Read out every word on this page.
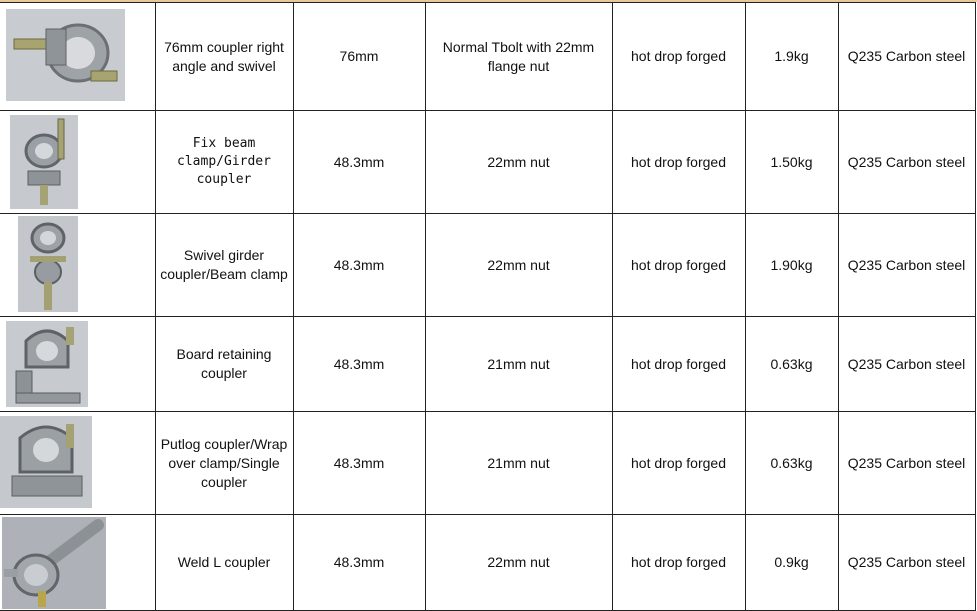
	76mm coupler right angle and swivel	76mm	Normal Tbolt with 22mm flange nut	hot drop forged	1.9kg	Q235 Carbon steel

	Fix beam clamp/Girder coupler	48.3mm	22mm nut	hot drop forged	1.50kg	Q235 Carbon steel

	Swivel girder coupler/Beam clamp	48.3mm	22mm nut	hot drop forged	1.90kg	Q235 Carbon steel

	Board retaining coupler	48.3mm	21mm nut	hot drop forged	0.63kg	Q235 Carbon steel

	Putlog coupler/Wrap over clamp/Single coupler	48.3mm	21mm nut	hot drop forged	0.63kg	Q235 Carbon steel

	Weld L coupler	48.3mm	22mm nut	hot drop forged	0.9kg	Q235 Carbon steel
